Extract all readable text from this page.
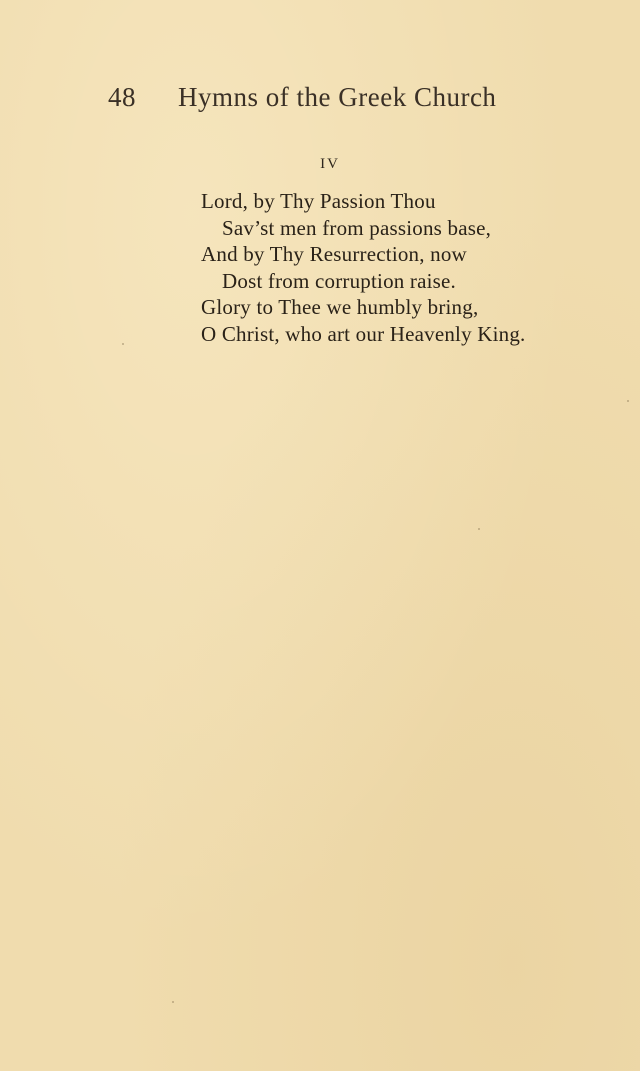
48 Hymns of the Greek Church
IV
Lord, by Thy Passion Thou
Sav’st men from passions base,
And by Thy Resurrection, now
Dost from corruption raise.
Glory to Thee we humbly bring,
O Christ, who art our Heavenly King.
